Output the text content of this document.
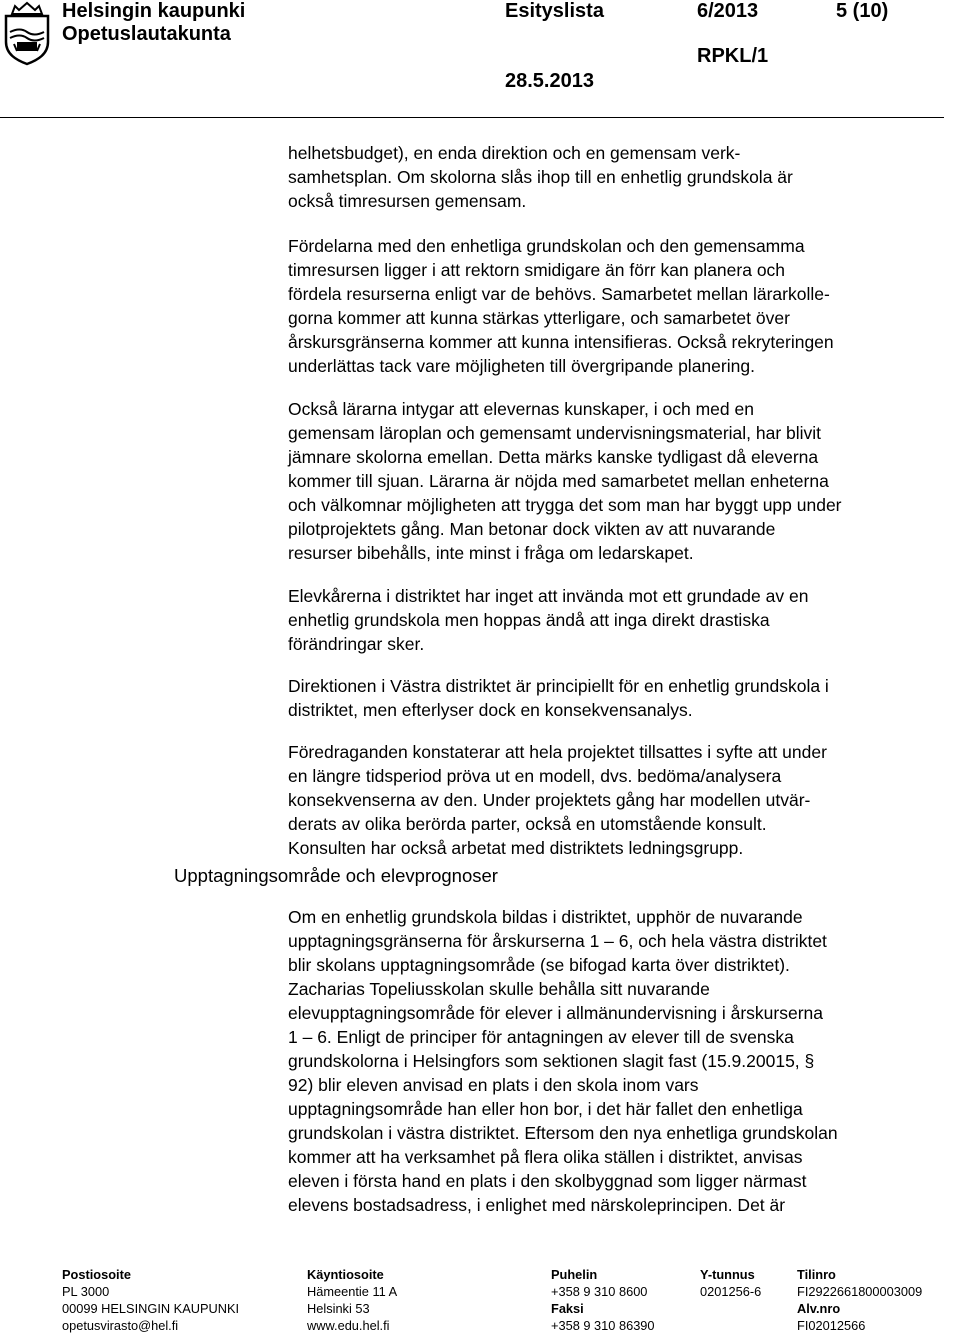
Helsingin kaupunki
Opetuslautakunta
Esityslista	6/2013	5 (10)
RPKL/1
28.5.2013

helhetsbudget), en enda direktion och en gemensam verk-
samhetsplan. Om skolorna slås ihop till en enhetlig grundskola är
också timresursen gemensam.

Fördelarna med den enhetliga grundskolan och den gemensamma
timresursen ligger i att rektorn smidigare än förr kan planera och
fördela resurserna enligt var de behövs. Samarbetet mellan lärarkolle-
gorna kommer att kunna stärkas ytterligare, och samarbetet över
årskursgränserna kommer att kunna intensifieras. Också rekryteringen
underlättas tack vare möjligheten till övergripande planering.

Också lärarna intygar att elevernas kunskaper, i och med en
gemensam läroplan och gemensamt undervisningsmaterial, har blivit
jämnare skolorna emellan. Detta märks kanske tydligast då eleverna
kommer till sjuan. Lärarna är nöjda med samarbetet mellan enheterna
och välkomnar möjligheten att trygga det som man har byggt upp under
pilotprojektets gång. Man betonar dock vikten av att nuvarande
resurser bibehålls, inte minst i fråga om ledarskapet.

Elevkårerna i distriktet har inget att invända mot ett grundade av en
enhetlig grundskola men hoppas ändå att inga direkt drastiska
förändringar sker.

Direktionen i Västra distriktet är principiellt för en enhetlig grundskola i
distriktet, men efterlyser dock en konsekvensanalys.

Föredraganden konstaterar att hela projektet tillsattes i syfte att under
en längre tidsperiod pröva ut en modell, dvs. bedöma/analysera
konsekvenserna av den. Under projektets gång har modellen utvär-
derats av olika berörda parter, också en utomstående konsult.
Konsulten har också arbetat med distriktets ledningsgrupp.

Upptagningsområde och elevprognoser

Om en enhetlig grundskola bildas i distriktet, upphör de nuvarande
upptagningsgränserna för årskurserna 1 – 6, och hela västra distriktet
blir skolans upptagningsområde (se bifogad karta över distriktet).
Zacharias Topeliusskolan skulle behålla sitt nuvarande
elevupptagningsområde för elever i allmänundervisning i årskurserna
1 – 6. Enligt de principer för antagningen av elever till de svenska
grundskolorna i Helsingfors som sektionen slagit fast (15.9.20015, §
92) blir eleven anvisad en plats i den skola inom vars
upptagningsområde han eller hon bor, i det här fallet den enhetliga
grundskolan i västra distriktet. Eftersom den nya enhetliga grundskolan
kommer att ha verksamhet på flera olika ställen i distriktet, anvisas
eleven i första hand en plats i den skolbyggnad som ligger närmast
elevens bostadsadress, i enlighet med närskoleprincipen. Det är

Postiosoite
PL 3000
00099 HELSINGIN KAUPUNKI
opetusvirasto@hel.fi
Käyntiosoite
Hämeentie 11 A
Helsinki 53
www.edu.hel.fi
Puhelin
+358 9 310 8600
Faksi
+358 9 310 86390
Y-tunnus
0201256-6
Tilinro
FI2922661800003009
Alv.nro
FI02012566
